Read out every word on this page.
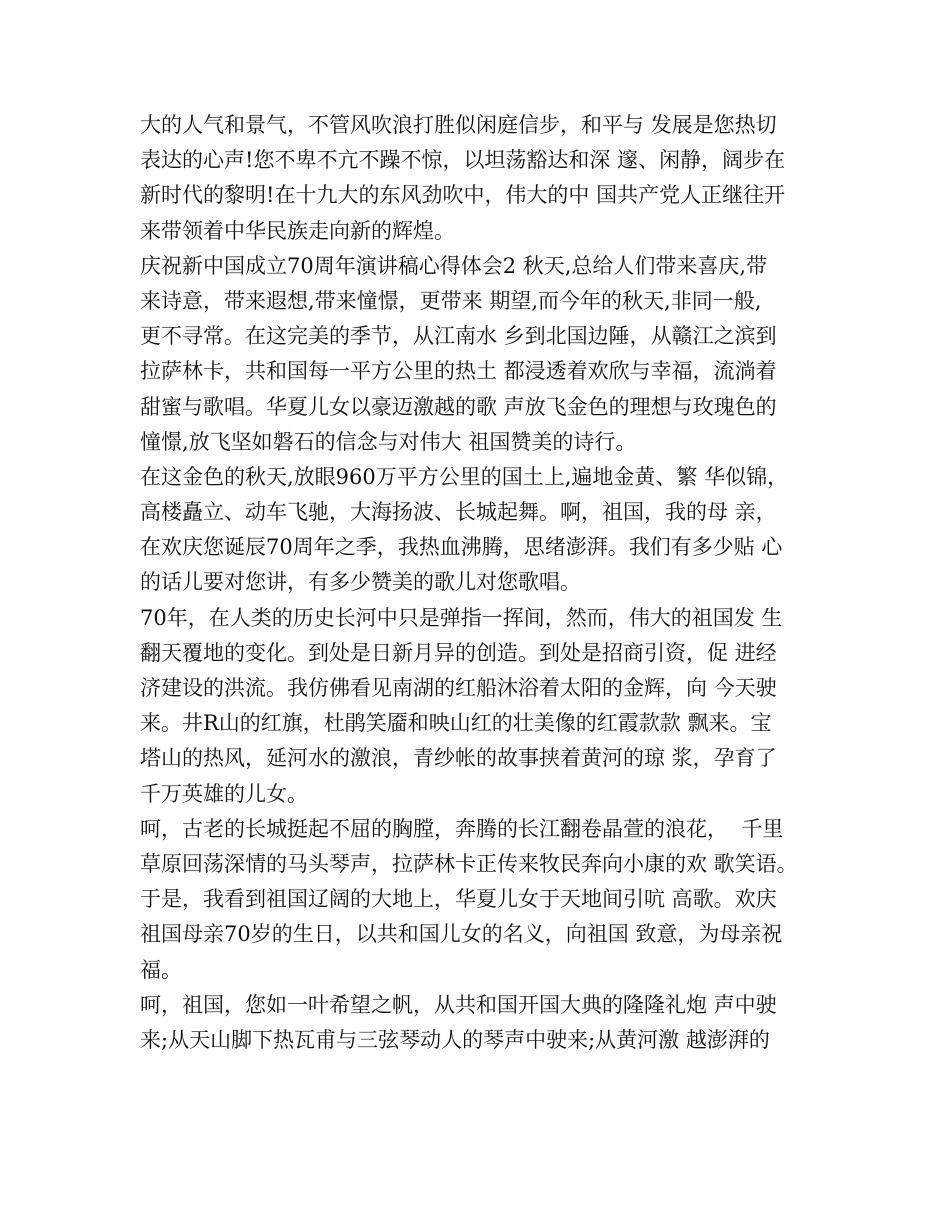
大的人气和景气，不管风吹浪打胜似闲庭信步，和平与 发展是您热切
表达的心声!您不卑不亢不躁不惊，以坦荡豁达和深 邃、闲静，阔步在
新时代的黎明!在十九大的东风劲吹中，伟大的中 国共产党人正继往开
来带领着中华民族走向新的辉煌。
庆祝新中国成立70周年演讲稿心得体会2 秋天,总给人们带来喜庆,带
来诗意，带来遐想,带来憧憬，更带来 期望,而今年的秋天,非同一般,
更不寻常。在这完美的季节，从江南水 乡到北国边陲，从赣江之滨到
拉萨林卡，共和国每一平方公里的热土 都浸透着欢欣与幸福，流淌着
甜蜜与歌唱。华夏儿女以豪迈激越的歌 声放飞金色的理想与玫瑰色的
憧憬,放飞坚如磐石的信念与对伟大 祖国赞美的诗行。
在这金色的秋天,放眼960万平方公里的国土上,遍地金黄、繁 华似锦，
高楼矗立、动车飞驰，大海扬波、长城起舞。啊，祖国，我的母 亲，
在欢庆您诞辰70周年之季，我热血沸腾，思绪澎湃。我们有多少贴 心
的话儿要对您讲，有多少赞美的歌儿对您歌唱。
70年，在人类的历史长河中只是弹指一挥间，然而，伟大的祖国发 生
翻天覆地的变化。到处是日新月异的创造。到处是招商引资，促 进经
济建设的洪流。我仿佛看见南湖的红船沐浴着太阳的金辉，向 今天驶
来。井R山的红旗，杜鹃笑靥和映山红的壮美像的红霞款款 飘来。宝
塔山的热风，延河水的激浪，青纱帐的故事挟着黄河的琼 浆，孕育了
千万英雄的儿女。
呵，古老的长城挺起不屈的胸膛，奔腾的长江翻卷晶萱的浪花，  千里
草原回荡深情的马头琴声，拉萨林卡正传来牧民奔向小康的欢 歌笑语。
于是，我看到祖国辽阔的大地上，华夏儿女于天地间引吭 高歌。欢庆
祖国母亲70岁的生日，以共和国儿女的名义，向祖国 致意，为母亲祝
福。
呵，祖国，您如一叶希望之帆，从共和国开国大典的隆隆礼炮 声中驶
来;从天山脚下热瓦甫与三弦琴动人的琴声中驶来;从黄河激 越澎湃的
